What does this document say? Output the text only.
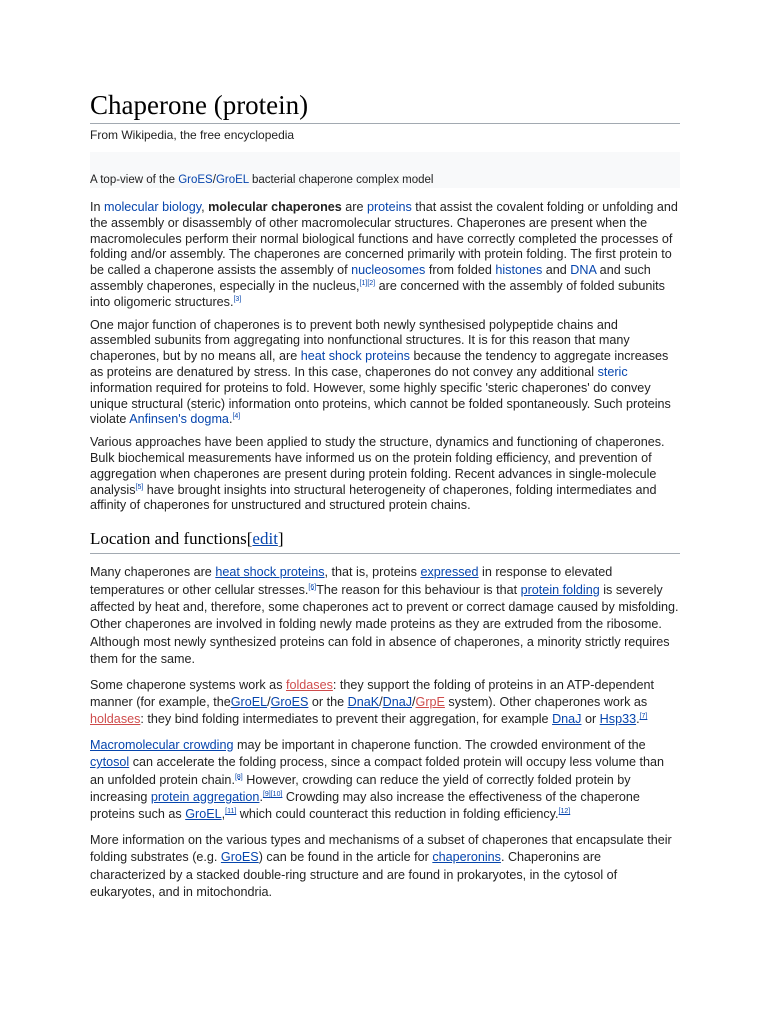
Chaperone (protein)
From Wikipedia, the free encyclopedia
A top-view of the GroES/GroEL bacterial chaperone complex model

In molecular biology, molecular chaperones are proteins that assist the covalent folding or unfolding and the assembly or disassembly of other macromolecular structures. Chaperones are present when the macromolecules perform their normal biological functions and have correctly completed the processes of folding and/or assembly. The chaperones are concerned primarily with protein folding. The first protein to be called a chaperone assists the assembly of nucleosomes from folded histones and DNA and such assembly chaperones, especially in the nucleus,[1][2] are concerned with the assembly of folded subunits into oligomeric structures.[3]

One major function of chaperones is to prevent both newly synthesised polypeptide chains and assembled subunits from aggregating into nonfunctional structures. It is for this reason that many chaperones, but by no means all, are heat shock proteins because the tendency to aggregate increases as proteins are denatured by stress. In this case, chaperones do not convey any additional steric information required for proteins to fold. However, some highly specific 'steric chaperones' do convey unique structural (steric) information onto proteins, which cannot be folded spontaneously. Such proteins violate Anfinsen's dogma.[4]

Various approaches have been applied to study the structure, dynamics and functioning of chaperones. Bulk biochemical measurements have informed us on the protein folding efficiency, and prevention of aggregation when chaperones are present during protein folding. Recent advances in single-molecule analysis[5] have brought insights into structural heterogeneity of chaperones, folding intermediates and affinity of chaperones for unstructured and structured protein chains.

Location and functions[edit]

Many chaperones are heat shock proteins, that is, proteins expressed in response to elevated temperatures or other cellular stresses.[6]The reason for this behaviour is that protein folding is severely affected by heat and, therefore, some chaperones act to prevent or correct damage caused by misfolding. Other chaperones are involved in folding newly made proteins as they are extruded from the ribosome. Although most newly synthesized proteins can fold in absence of chaperones, a minority strictly requires them for the same.

Some chaperone systems work as foldases: they support the folding of proteins in an ATP-dependent manner (for example, theGroEL/GroES or the DnaK/DnaJ/GrpE system). Other chaperones work as holdases: they bind folding intermediates to prevent their aggregation, for example DnaJ or Hsp33.[7]

Macromolecular crowding may be important in chaperone function. The crowded environment of the cytosol can accelerate the folding process, since a compact folded protein will occupy less volume than an unfolded protein chain.[8] However, crowding can reduce the yield of correctly folded protein by increasing protein aggregation.[9][10] Crowding may also increase the effectiveness of the chaperone proteins such as GroEL,[11] which could counteract this reduction in folding efficiency.[12]

More information on the various types and mechanisms of a subset of chaperones that encapsulate their folding substrates (e.g. GroES) can be found in the article for chaperonins. Chaperonins are characterized by a stacked double-ring structure and are found in prokaryotes, in the cytosol of eukaryotes, and in mitochondria.
